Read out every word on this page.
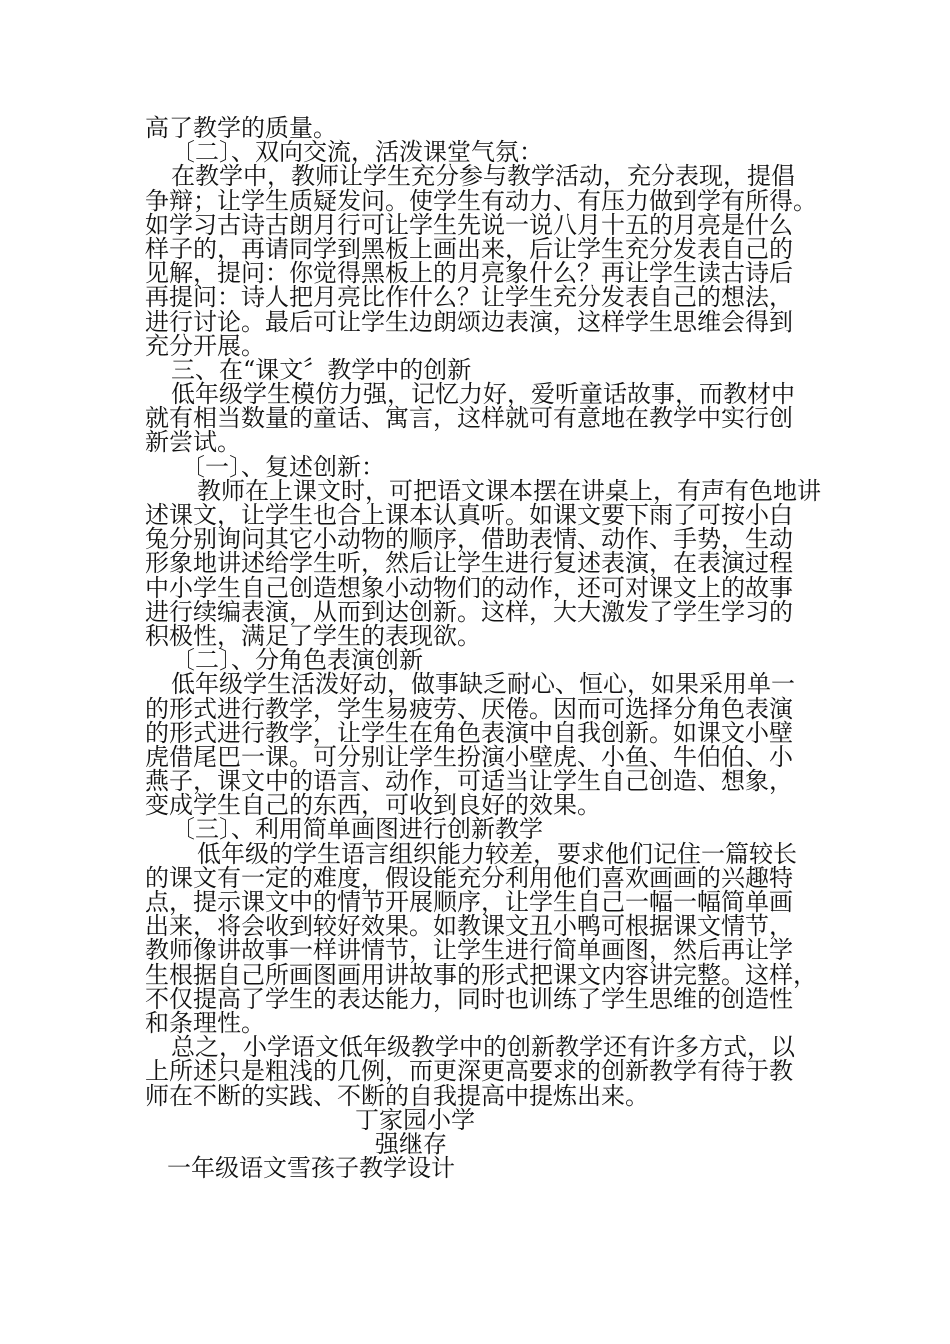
高了教学的质量。
〔二〕、双向交流，活泼课堂气氛：
在教学中，教师让学生充分参与教学活动，充分表现，提倡
争辩；让学生质疑发问。使学生有动力、有压力做到学有所得。
如学习古诗古朗月行可让学生先说一说八月十五的月亮是什么
样子的，再请同学到黑板上画出来，后让学生充分发表自己的
见解，提问：你觉得黑板上的月亮象什么？再让学生读古诗后
再提问：诗人把月亮比作什么？让学生充分发表自己的想法，
进行讨论。最后可让学生边朗颂边表演，这样学生思维会得到
充分开展。
三、在“课文〞教学中的创新
低年级学生模仿力强，记忆力好，爱听童话故事，而教材中
就有相当数量的童话、寓言，这样就可有意地在教学中实行创
新尝试。
〔一〕、复述创新：
教师在上课文时，可把语文课本摆在讲桌上，有声有色地讲
述课文，让学生也合上课本认真听。如课文要下雨了可按小白
兔分别询问其它小动物的顺序，借助表情、动作、手势，生动
形象地讲述给学生听，然后让学生进行复述表演，在表演过程
中小学生自己创造想象小动物们的动作，还可对课文上的故事
进行续编表演，从而到达创新。这样，大大激发了学生学习的
积极性，满足了学生的表现欲。
〔二〕、分角色表演创新
低年级学生活泼好动，做事缺乏耐心、恒心，如果采用单一
的形式进行教学，学生易疲劳、厌倦。因而可选择分角色表演
的形式进行教学，让学生在角色表演中自我创新。如课文小壁
虎借尾巴一课。可分别让学生扮演小壁虎、小鱼、牛伯伯、小
燕子，课文中的语言、动作，可适当让学生自己创造、想象，
变成学生自己的东西，可收到良好的效果。
〔三〕、利用简单画图进行创新教学
低年级的学生语言组织能力较差，要求他们记住一篇较长
的课文有一定的难度，假设能充分利用他们喜欢画画的兴趣特
点，提示课文中的情节开展顺序，让学生自己一幅一幅简单画
出来，将会收到较好效果。如教课文丑小鸭可根据课文情节，
教师像讲故事一样讲情节，让学生进行简单画图，然后再让学
生根据自己所画图画用讲故事的形式把课文内容讲完整。这样，
不仅提高了学生的表达能力，同时也训练了学生思维的创造性
和条理性。
总之，小学语文低年级教学中的创新教学还有许多方式，以
上所述只是粗浅的几例，而更深更高要求的创新教学有待于教
师在不断的实践、不断的自我提高中提炼出来。
丁家园小学
强继存
一年级语文雪孩子教学设计
